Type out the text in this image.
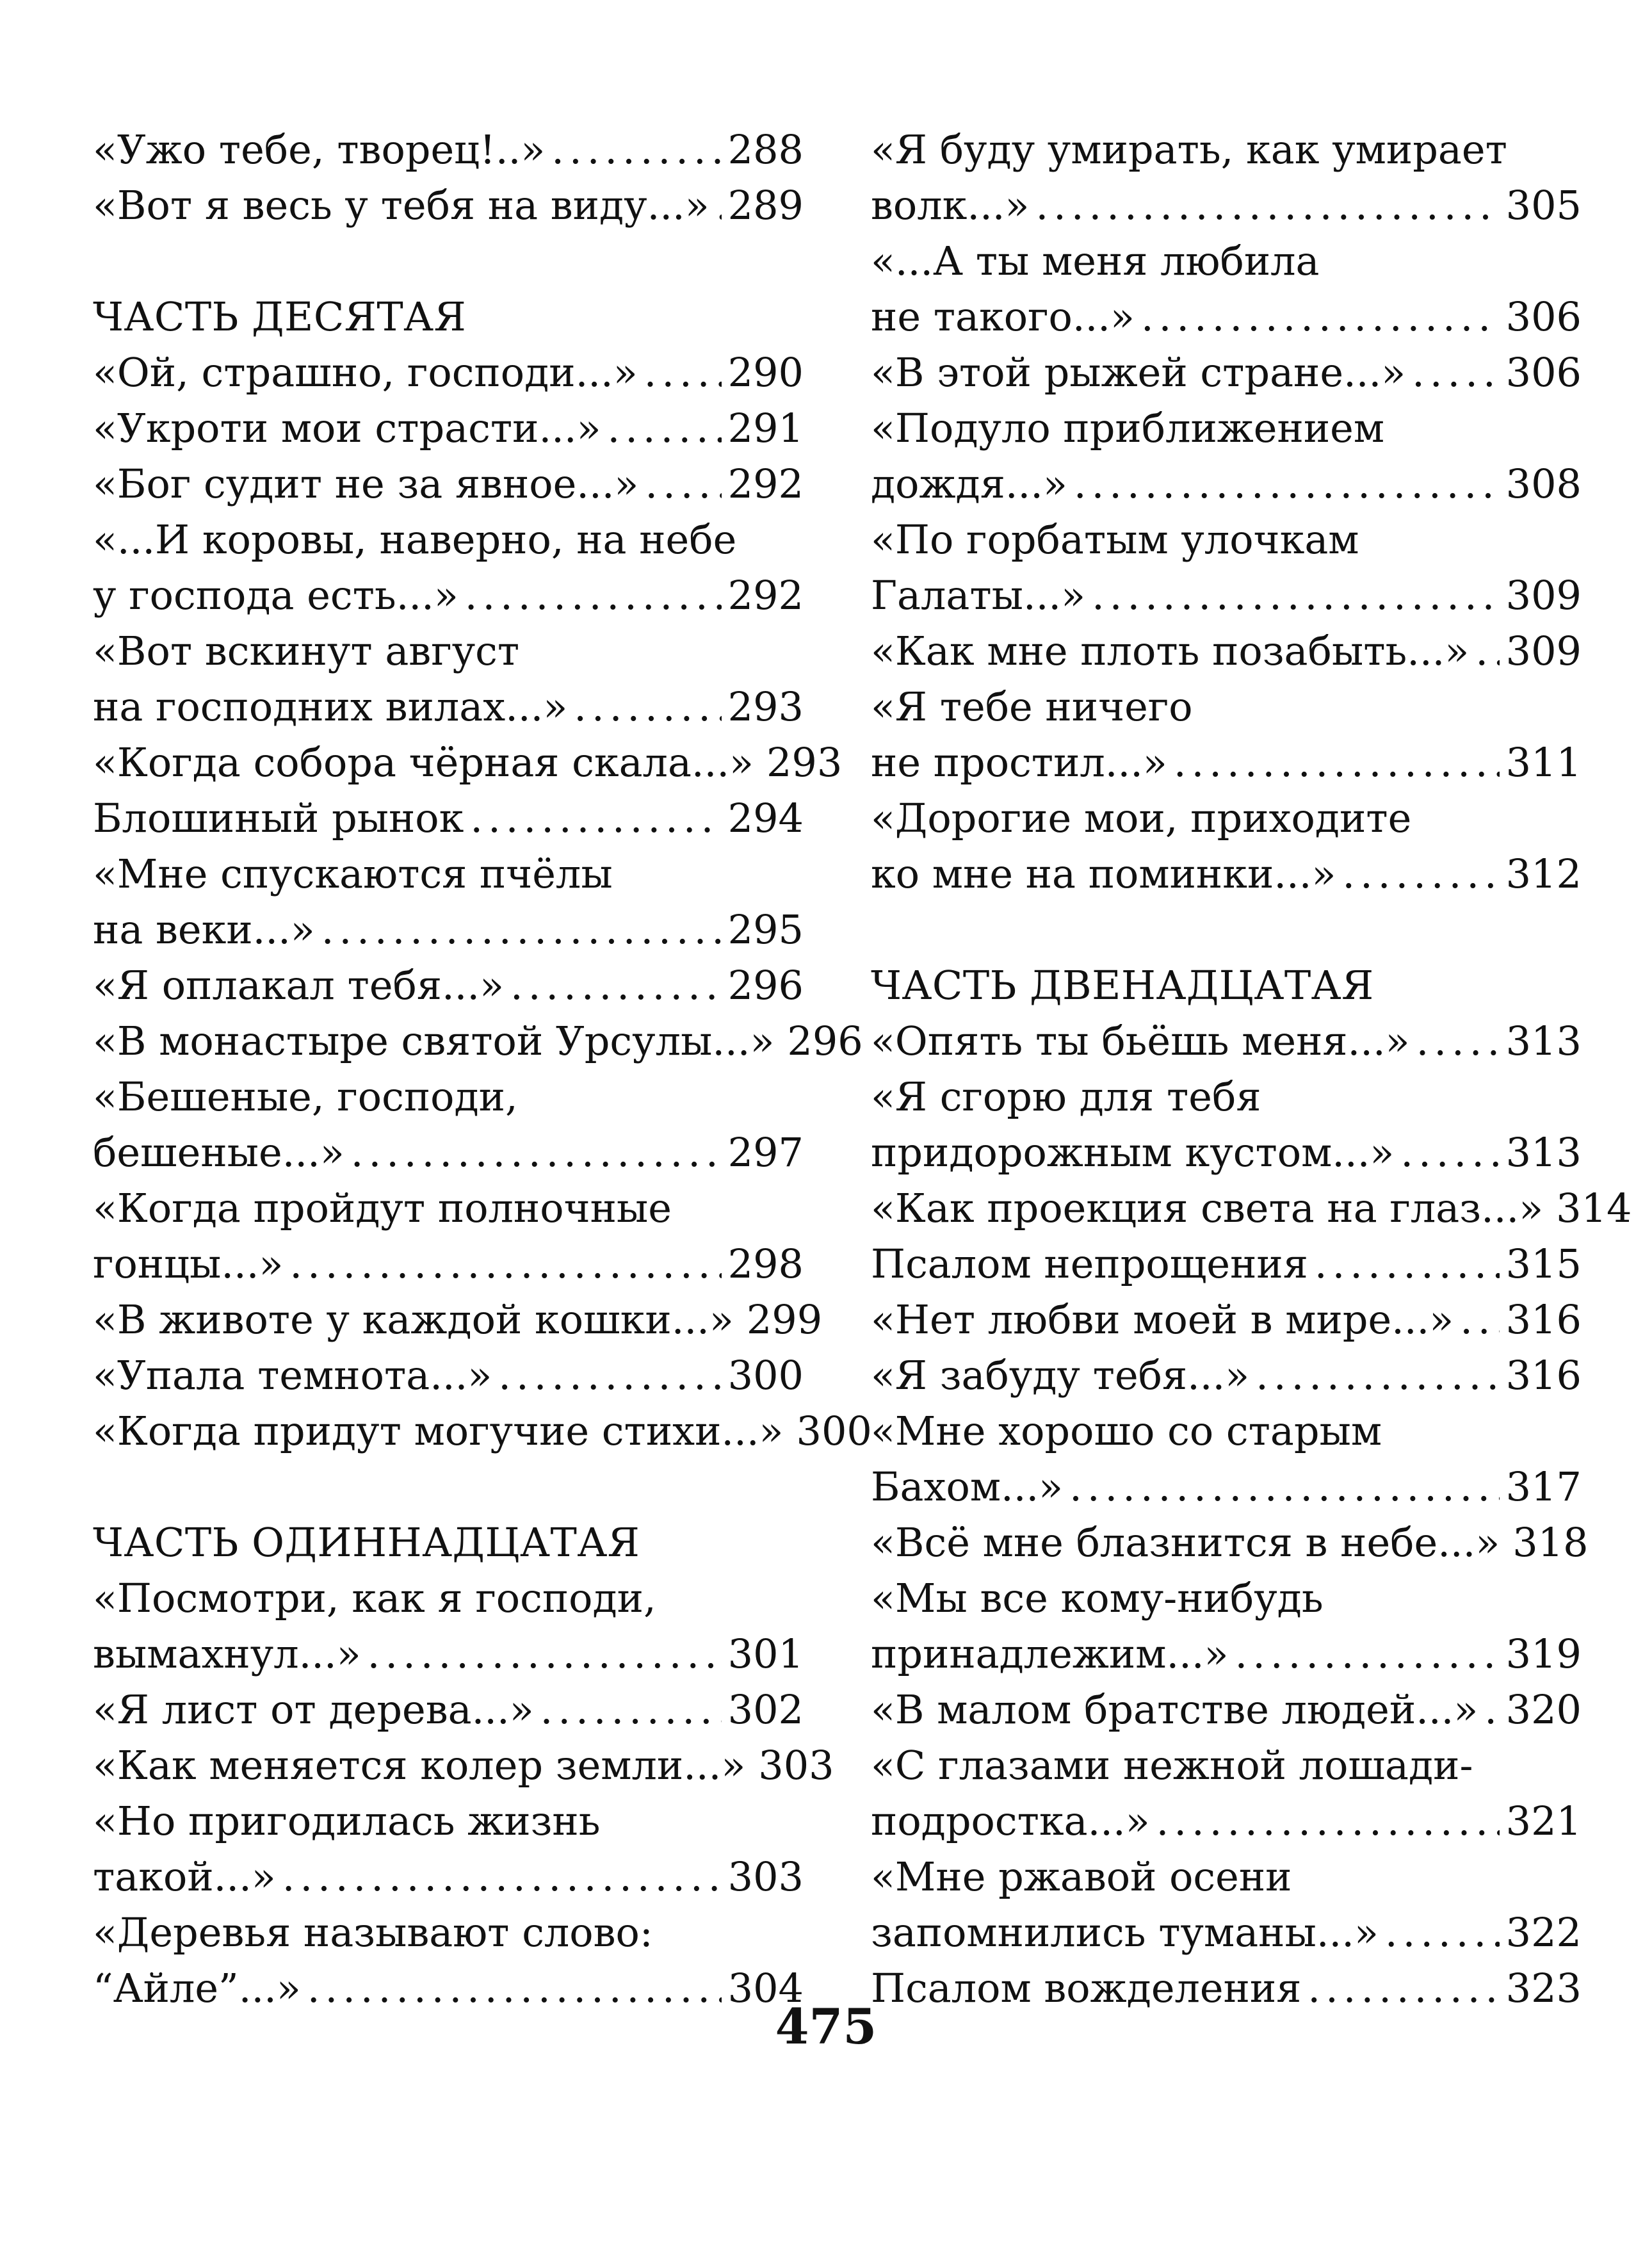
«Ужо тебе, творец!..» .....	288
«Вот я весь у тебя на виду...» ..... 289
ЧАСТЬ ДЕСЯТАЯ
«Ой, страшно, господи...» ..... 290
«Укроти мои страсти...» .....	291
«Бог судит не за явное...» ..... 292
«...И коровы, наверно, на небе
у господа есть...» .....	292
«Вот вскинут август
на господних вилах...» .....	293
«Когда собора чёрная скала...» 293
Блошиный рынок .....	294
«Мне спускаются пчёлы
на веки...» .....	295
«Я оплакал тебя...» .....	296
«В монастыре святой Урсулы...» 296
«Бешеные, господи,
бешеные...» .....	297
«Когда пройдут полночные
гонцы...» .....	298
«В животе у каждой кошки...» 299
«Упала темнота...» .....	300
«Когда придут могучие стихи...» 300
ЧАСТЬ ОДИННАДЦАТАЯ
«Посмотри, как я господи,
вымахнул...» .....	301
«Я лист от дерева...» .....	302
«Как меняется колер земли...» 303
«Но пригодилась жизнь
такой...» .....	303
«Деревья называют слово:
“Айле”...» .....	304
«Я буду умирать, как умирает
волк...» .....	305
«...А ты меня любила
не такого...» .....	306
«В этой рыжей стране...» .....	306
«Подуло приближением
дождя...» .....	308
«По горбатым улочкам
Галаты...» .....	309
«Как мне плоть позабыть...» ..... 309
«Я тебе ничего
не простил...» .....	311
«Дорогие мои, приходите
ко мне на поминки...» .....	312
ЧАСТЬ ДВЕНАДЦАТАЯ
«Опять ты бьёшь меня...» ..... 313
«Я сгорю для тебя
придорожным кустом...» .....	313
«Как проекция света на глаз...» 314
Псалом непрощения .....	315
«Нет любви моей в мире...» ..... 316
«Я забуду тебя...» .....	316
«Мне хорошо со старым
Бахом...» .....	317
«Всё мне блазнится в небе...» 318
«Мы все кому-нибудь
принадлежим...» .....	319
«В малом братстве людей...» ..... 320
«С глазами нежной лошади-
подростка...» .....	321
«Мне ржавой осени
запомнились туманы...» .....	322
Псалом вожделения .....	323
475
